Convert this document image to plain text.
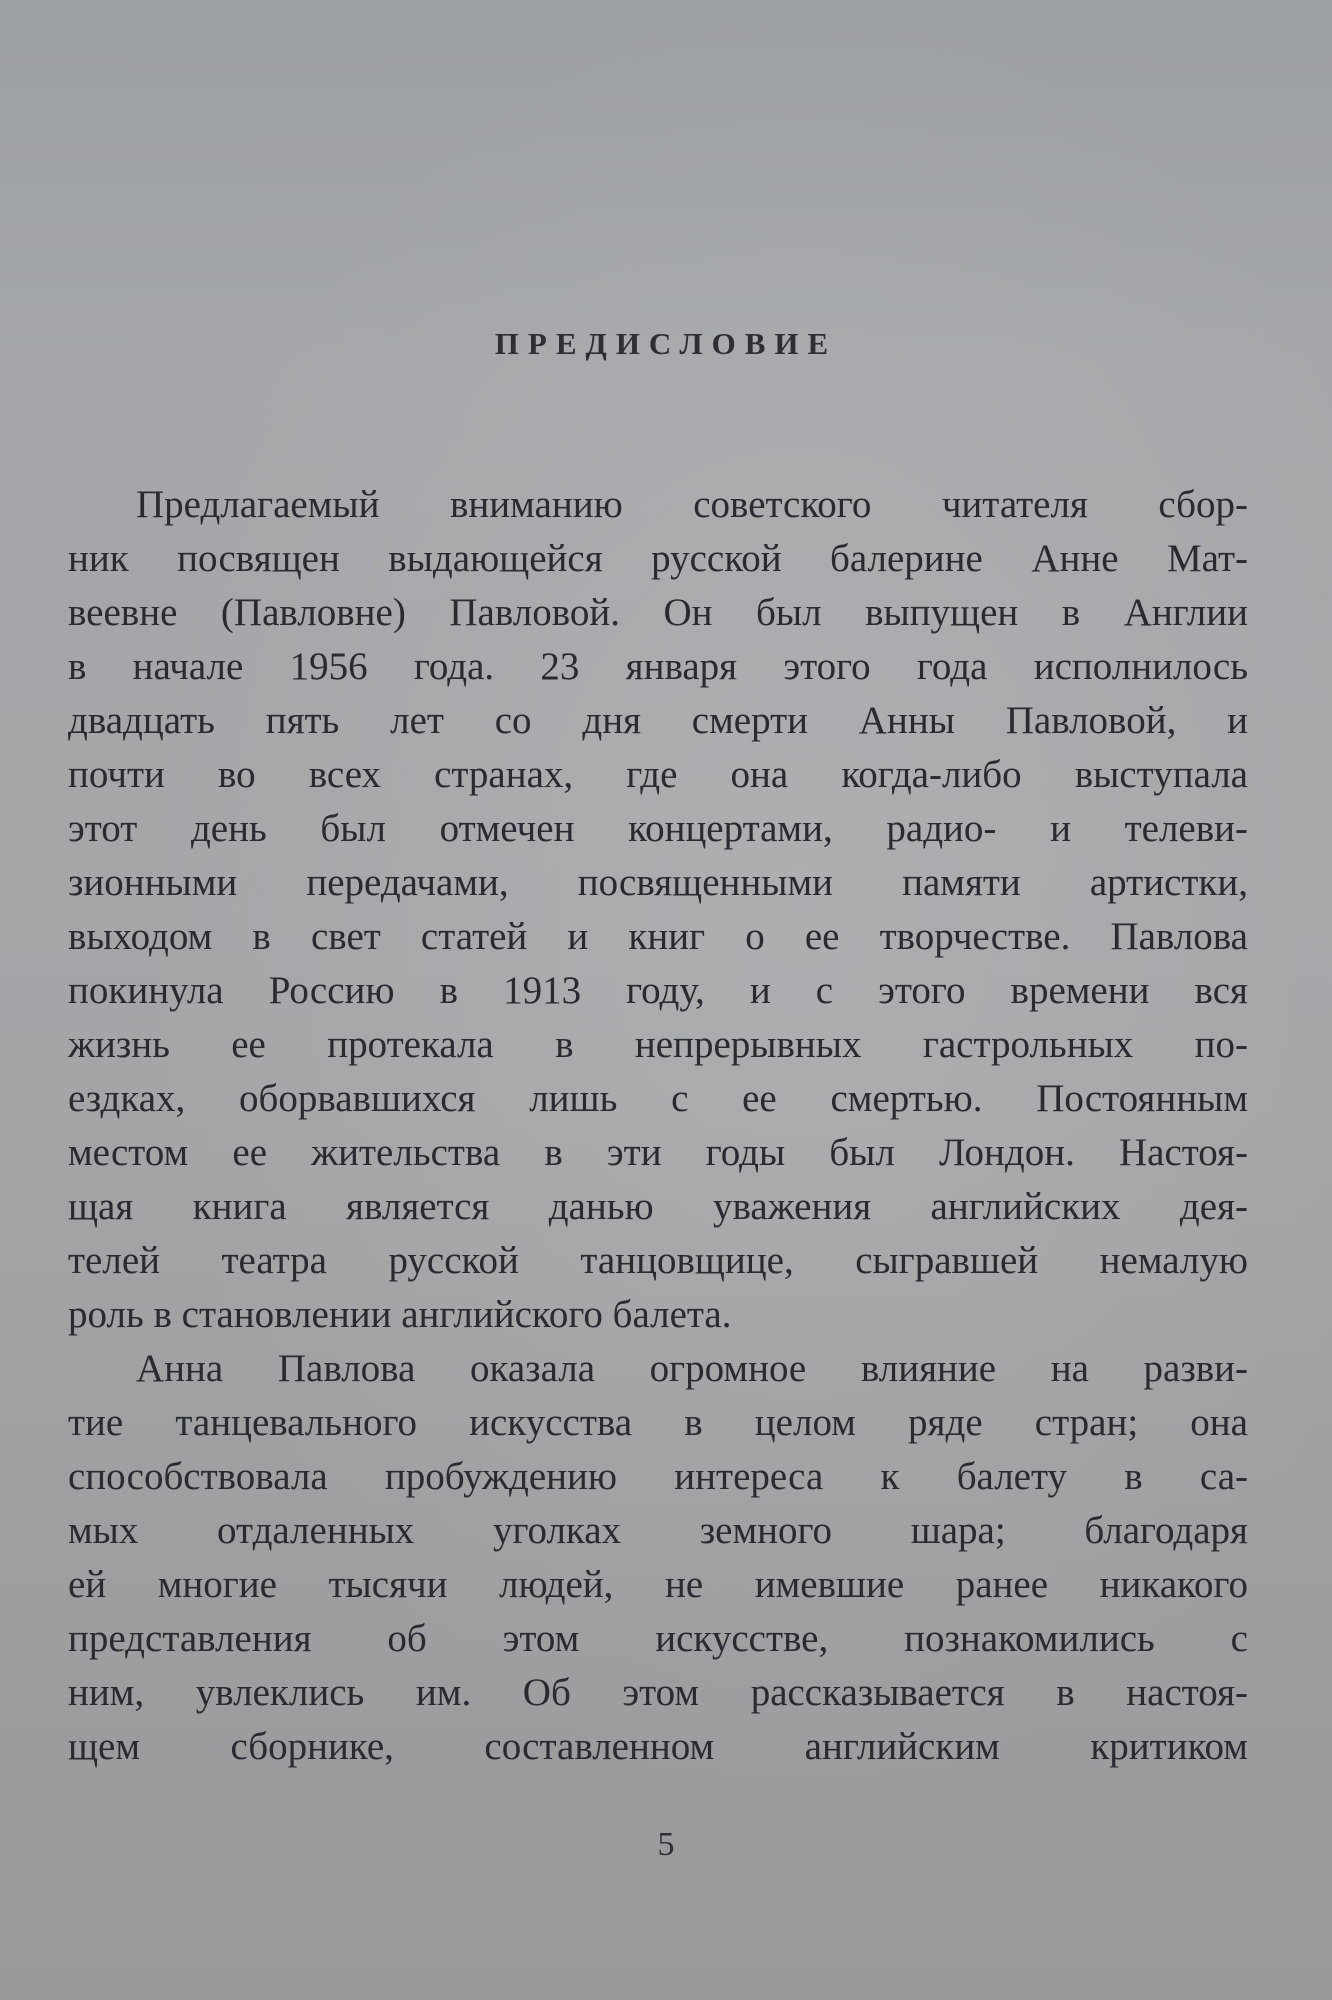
ПРЕДИСЛОВИЕ
Предлагаемый вниманию советского читателя сбор-
ник посвящен выдающейся русской балерине Анне Мат-
веевне (Павловне) Павловой. Он был выпущен в Англии
в начале 1956 года. 23 января этого года исполнилось
двадцать пять лет со дня смерти Анны Павловой, и
почти во всех странах, где она когда-либо выступала
этот день был отмечен концертами, радио- и телеви-
зионными передачами, посвященными памяти артистки,
выходом в свет статей и книг о ее творчестве. Павлова
покинула Россию в 1913 году, и с этого времени вся
жизнь ее протекала в непрерывных гастрольных по-
ездках, оборвавшихся лишь с ее смертью. Постоянным
местом ее жительства в эти годы был Лондон. Настоя-
щая книга является данью уважения английских дея-
телей театра русской танцовщице, сыгравшей немалую
роль в становлении английского балета.
Анна Павлова оказала огромное влияние на разви-
тие танцевального искусства в целом ряде стран; она
способствовала пробуждению интереса к балету в са-
мых отдаленных уголках земного шара; благодаря
ей многие тысячи людей, не имевшие ранее никакого
представления об этом искусстве, познакомились с
ним, увлеклись им. Об этом рассказывается в настоя-
щем сборнике, составленном английским критиком
5
